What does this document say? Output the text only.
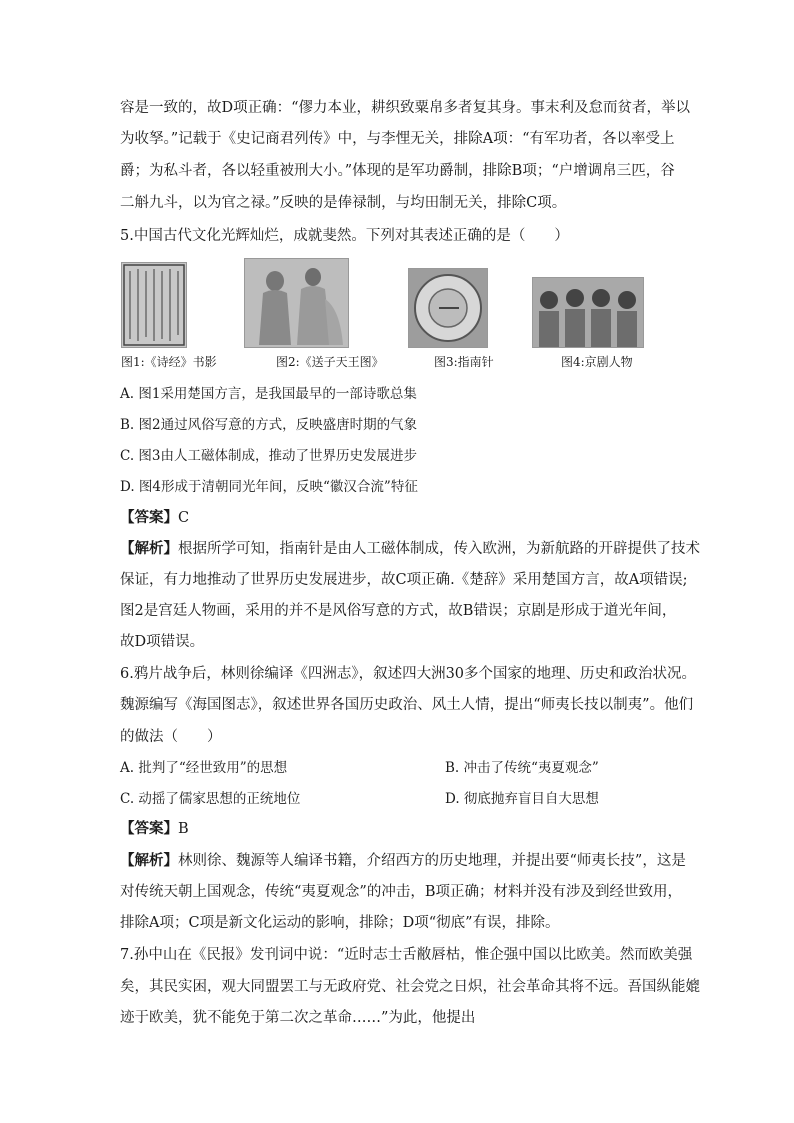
容是一致的，故D项正确：“僇力本业，耕织致粟帛多者复其身。事末利及怠而贫者，举以
为收孥。”记载于《史记商君列传》中，与李悝无关，排除A项：“有军功者，各以率受上
爵；为私斗者，各以轻重被刑大小。”体现的是军功爵制，排除B项；“户增调帛三匹，谷
二斛九斗，以为官之禄。”反映的是俸禄制，与均田制无关，排除C项。
5.中国古代文化光辉灿烂，成就斐然。下列对其表述正确的是（　　）
图1:《诗经》书影	图2:《送子天王图》	图3:指南针	图4:京剧人物
A. 图1采用楚国方言，是我国最早的一部诗歌总集
B. 图2通过风俗写意的方式，反映盛唐时期的气象
C. 图3由人工磁体制成，推动了世界历史发展进步
D. 图4形成于清朝同光年间，反映“徽汉合流”特征
【答案】C
【解析】根据所学可知，指南针是由人工磁体制成，传入欧洲，为新航路的开辟提供了技术
保证，有力地推动了世界历史发展进步，故C项正确.《楚辞》采用楚国方言，故A项错误;
图2是宫廷人物画，采用的并不是风俗写意的方式，故B错误；京剧是形成于道光年间，
故D项错误。
6.鸦片战争后，林则徐编译《四洲志》，叙述四大洲30多个国家的地理、历史和政治状况。
魏源编写《海国图志》，叙述世界各国历史政治、风土人情，提出“师夷长技以制夷”。他们
的做法（　　）
A. 批判了“经世致用”的思想	B. 冲击了传统“夷夏观念”
C. 动摇了儒家思想的正统地位	D. 彻底抛弃盲目自大思想
【答案】B
【解析】林则徐、魏源等人编译书籍，介绍西方的历史地理，并提出要“师夷长技”，这是
对传统天朝上国观念，传统“夷夏观念”的冲击，B项正确；材料并没有涉及到经世致用，
排除A项；C项是新文化运动的影响，排除；D项“彻底”有误，排除。
7.孙中山在《民报》发刊词中说：“近时志士舌敝唇枯，惟企强中国以比欧美。然而欧美强
矣，其民实困，观大同盟罢工与无政府党、社会党之日炽，社会革命其将不远。吾国纵能媲
迹于欧美，犹不能免于第二次之革命……”为此，他提出
